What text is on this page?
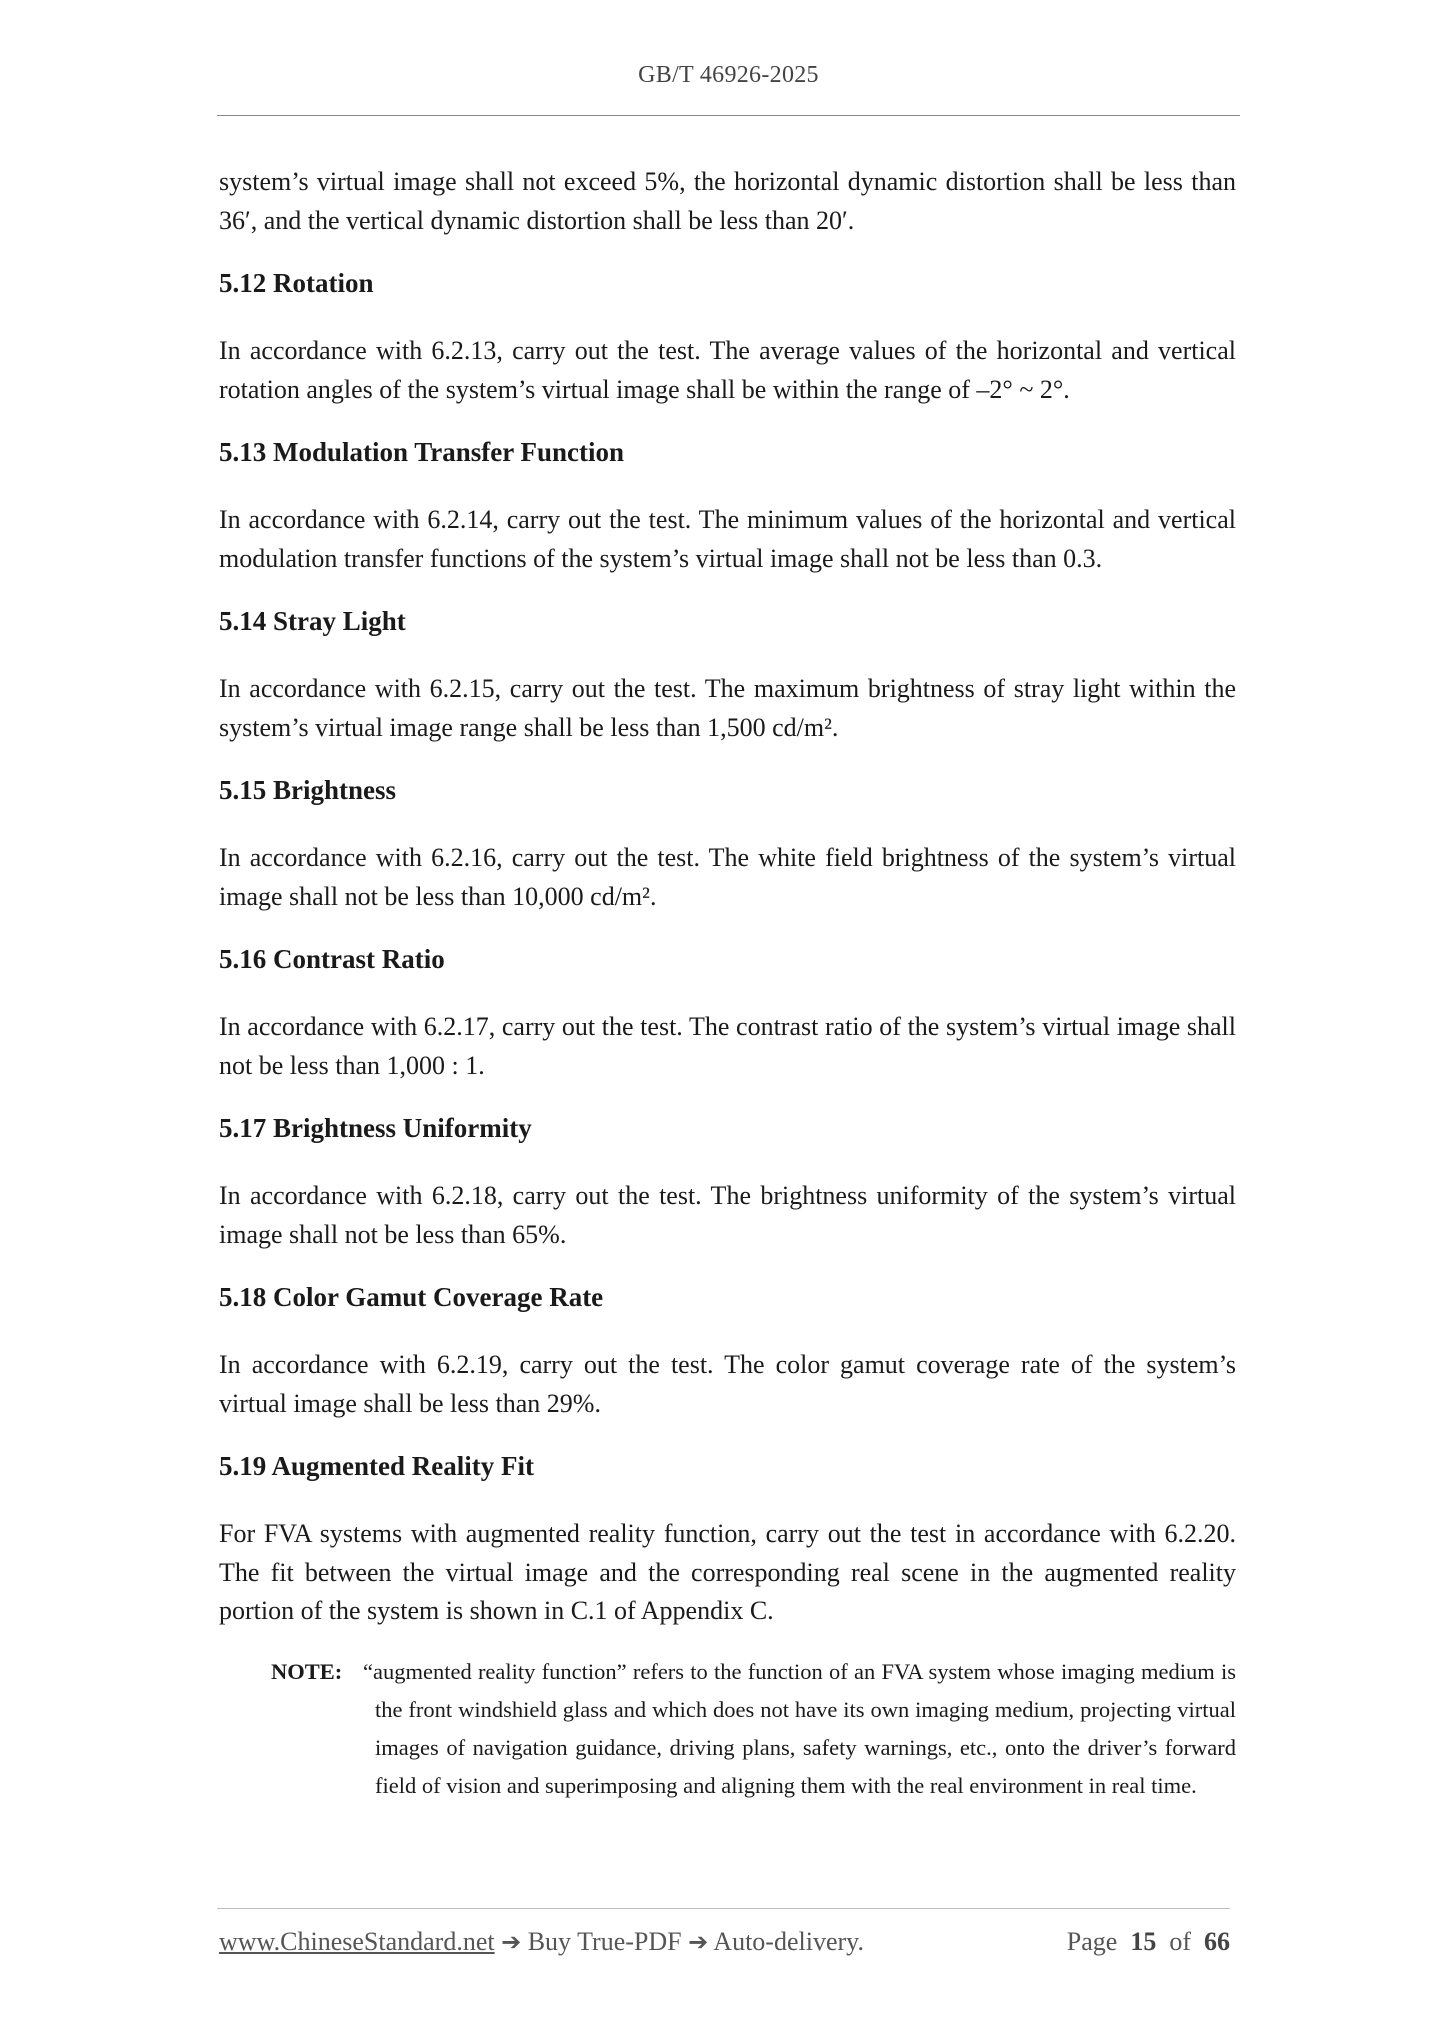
GB/T 46926-2025

system’s virtual image shall not exceed 5%, the horizontal dynamic distortion shall be less than 36′, and the vertical dynamic distortion shall be less than 20′.

5.12 Rotation

In accordance with 6.2.13, carry out the test. The average values of the horizontal and vertical rotation angles of the system’s virtual image shall be within the range of –2° ~ 2°.

5.13 Modulation Transfer Function

In accordance with 6.2.14, carry out the test. The minimum values of the horizontal and vertical modulation transfer functions of the system’s virtual image shall not be less than 0.3.

5.14 Stray Light

In accordance with 6.2.15, carry out the test. The maximum brightness of stray light within the system’s virtual image range shall be less than 1,500 cd/m².

5.15 Brightness

In accordance with 6.2.16, carry out the test. The white field brightness of the system’s virtual image shall not be less than 10,000 cd/m².

5.16 Contrast Ratio

In accordance with 6.2.17, carry out the test. The contrast ratio of the system’s virtual image shall not be less than 1,000 : 1.

5.17 Brightness Uniformity

In accordance with 6.2.18, carry out the test. The brightness uniformity of the system’s virtual image shall not be less than 65%.

5.18 Color Gamut Coverage Rate

In accordance with 6.2.19, carry out the test. The color gamut coverage rate of the system’s virtual image shall be less than 29%.

5.19 Augmented Reality Fit

For FVA systems with augmented reality function, carry out the test in accordance with 6.2.20. The fit between the virtual image and the corresponding real scene in the augmented reality portion of the system is shown in C.1 of Appendix C.

NOTE: “augmented reality function” refers to the function of an FVA system whose imaging medium is the front windshield glass and which does not have its own imaging medium, projecting virtual images of navigation guidance, driving plans, safety warnings, etc., onto the driver’s forward field of vision and superimposing and aligning them with the real environment in real time.
www.ChineseStandard.net ➔ Buy True-PDF ➔ Auto-delivery.	Page 15 of 66
